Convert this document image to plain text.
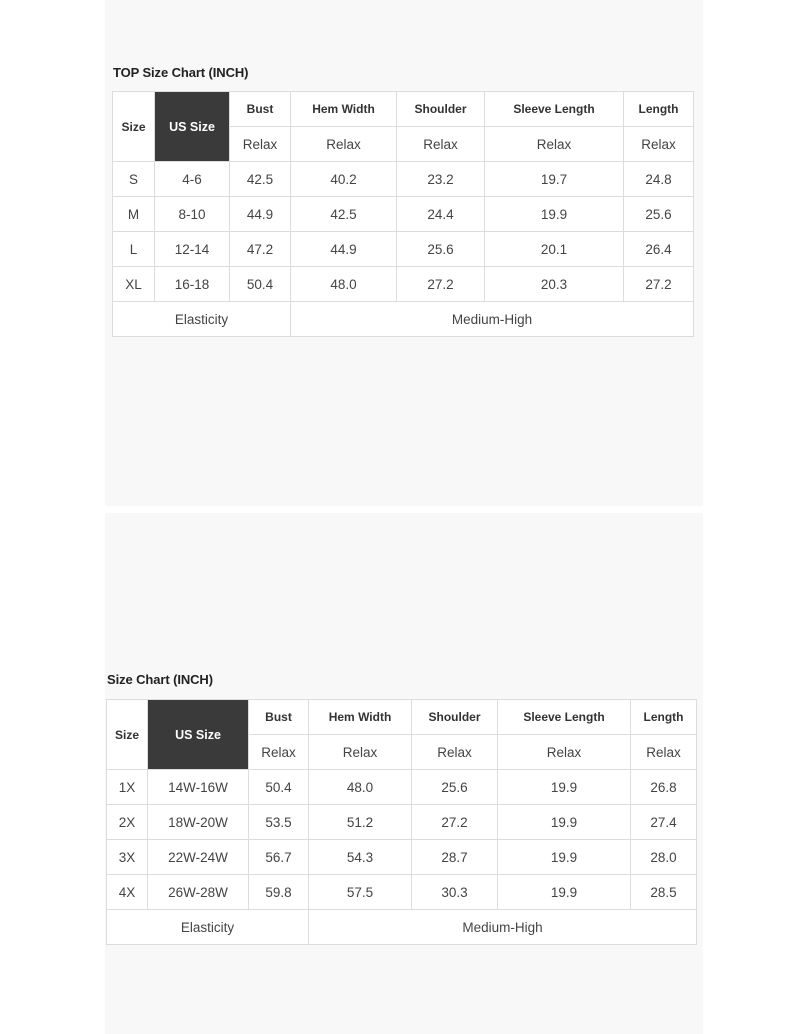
TOP Size Chart (INCH)
Size	US Size	Bust	Hem Width	Shoulder	Sleeve Length	Length
		Relax	Relax	Relax	Relax	Relax
S	4-6	42.5	40.2	23.2	19.7	24.8
M	8-10	44.9	42.5	24.4	19.9	25.6
L	12-14	47.2	44.9	25.6	20.1	26.4
XL	16-18	50.4	48.0	27.2	20.3	27.2
Elasticity			Medium-High			
Size Chart (INCH)
Size	US Size	Bust	Hem Width	Shoulder	Sleeve Length	Length
		Relax	Relax	Relax	Relax	Relax
1X	14W-16W	50.4	48.0	25.6	19.9	26.8
2X	18W-20W	53.5	51.2	27.2	19.9	27.4
3X	22W-24W	56.7	54.3	28.7	19.9	28.0
4X	26W-28W	59.8	57.5	30.3	19.9	28.5
Elasticity			Medium-High			
